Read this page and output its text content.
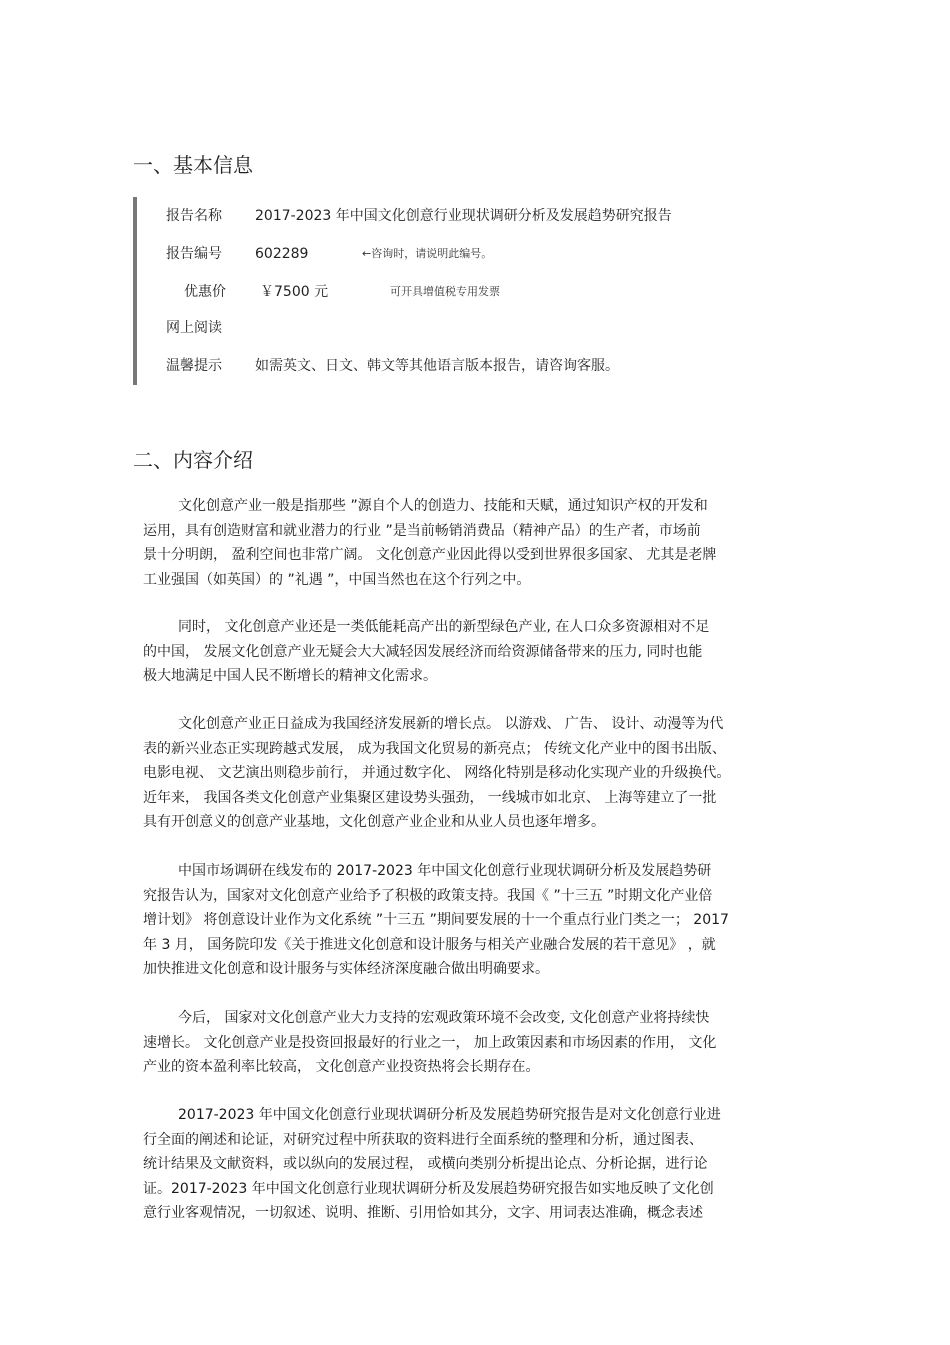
一、基本信息
报告名称 2017-2023 年中国文化创意行业现状调研分析及发展趋势研究报告
报告编号 602289	←咨询时，请说明此编号。
优惠价 ￥7500 元	可开具增值税专用发票
网上阅读
温馨提示 如需英文、日文、韩文等其他语言版本报告，请咨询客服。
二、内容介绍
文化创意产业一般是指那些 ”源自个人的创造力、技能和天赋，通过知识产权的开发和
运用，具有创造财富和就业潜力的行业 ”是当前畅销消费品（精神产品）的生产者，市场前
景十分明朗， 盈利空间也非常广阔。 文化创意产业因此得以受到世界很多国家、 尤其是老牌
工业强国（如英国）的 ”礼遇 ”，中国当然也在这个行列之中。
同时， 文化创意产业还是一类低能耗高产出的新型绿色产业, 在人口众多资源相对不足
的中国， 发展文化创意产业无疑会大大减轻因发展经济而给资源储备带来的压力, 同时也能
极大地满足中国人民不断增长的精神文化需求。
文化创意产业正日益成为我国经济发展新的增长点。 以游戏、 广告、 设计、动漫等为代
表的新兴业态正实现跨越式发展， 成为我国文化贸易的新亮点； 传统文化产业中的图书出版、
电影电视、 文艺演出则稳步前行， 并通过数字化、 网络化特别是移动化实现产业的升级换代。
近年来， 我国各类文化创意产业集聚区建设势头强劲， 一线城市如北京、 上海等建立了一批
具有开创意义的创意产业基地，文化创意产业企业和从业人员也逐年增多。
中国市场调研在线发布的 2017-2023 年中国文化创意行业现状调研分析及发展趋势研
究报告认为，国家对文化创意产业给予了积极的政策支持。我国《 ”十三五 ”时期文化产业倍
增计划》 将创意设计业作为文化系统 ”十三五 ”期间要发展的十一个重点行业门类之一； 2017
年 3 月， 国务院印发《关于推进文化创意和设计服务与相关产业融合发展的若干意见》 ，就
加快推进文化创意和设计服务与实体经济深度融合做出明确要求。
今后， 国家对文化创意产业大力支持的宏观政策环境不会改变, 文化创意产业将持续快
速增长。 文化创意产业是投资回报最好的行业之一， 加上政策因素和市场因素的作用， 文化
产业的资本盈利率比较高， 文化创意产业投资热将会长期存在。
2017-2023 年中国文化创意行业现状调研分析及发展趋势研究报告是对文化创意行业进
行全面的阐述和论证，对研究过程中所获取的资料进行全面系统的整理和分析，通过图表、
统计结果及文献资料，或以纵向的发展过程， 或横向类别分析提出论点、分析论据，进行论
证。2017-2023 年中国文化创意行业现状调研分析及发展趋势研究报告如实地反映了文化创
意行业客观情况，一切叙述、说明、推断、引用恰如其分，文字、用词表达准确，概念表述
